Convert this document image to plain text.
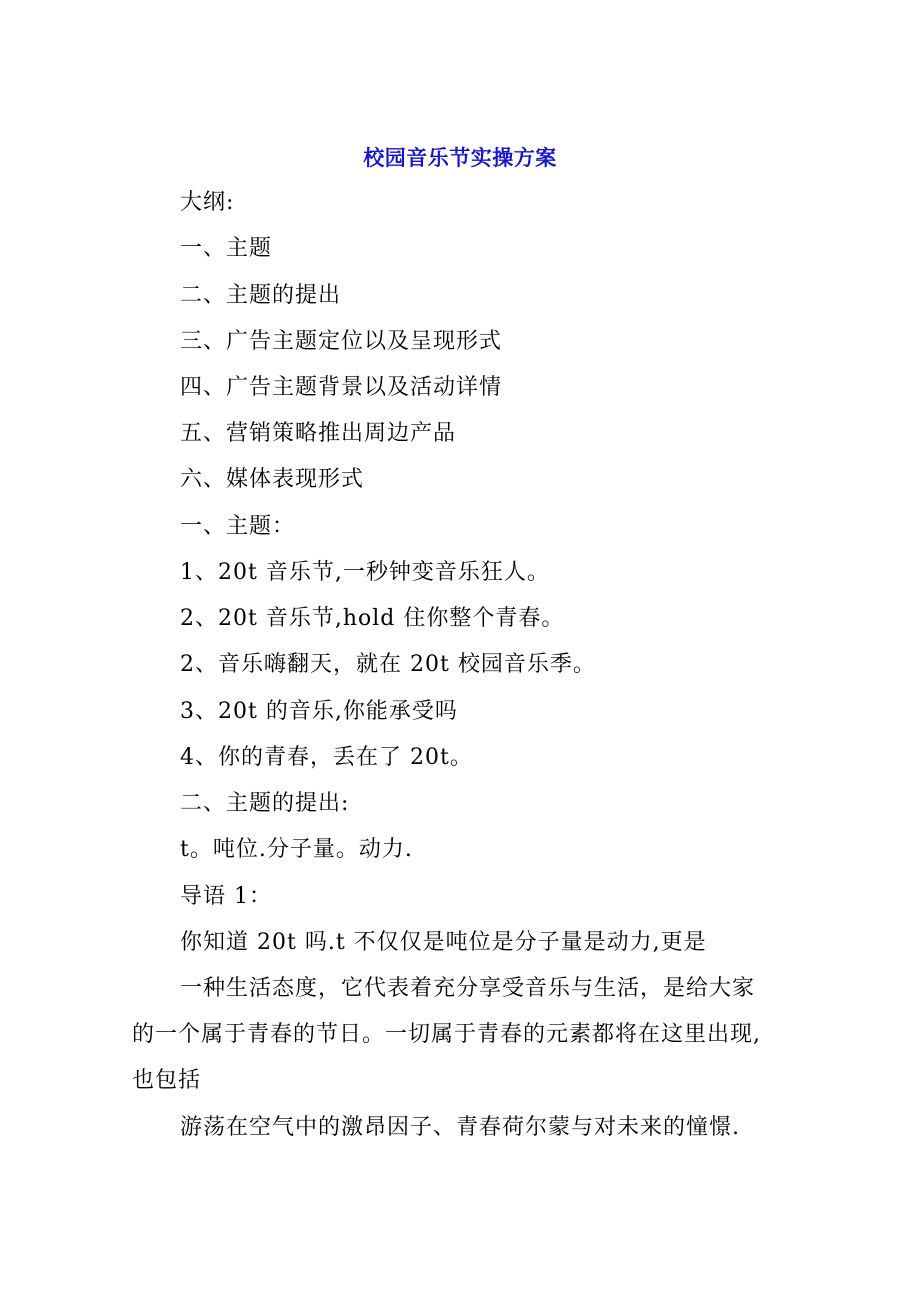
校园音乐节实操方案
大纲:
一、主题
二、主题的提出
三、广告主题定位以及呈现形式
四、广告主题背景以及活动详情
五、营销策略推出周边产品
六、媒体表现形式
一、主题：
1、20t 音乐节,一秒钟变音乐狂人。
2、20t 音乐节,hold 住你整个青春。
2、音乐嗨翻天，就在 20t 校园音乐季。
3、20t 的音乐,你能承受吗
4、你的青春，丢在了 20t。
二、主题的提出:
t。吨位.分子量。动力.
导语 1：
你知道 20t 吗.t 不仅仅是吨位是分子量是动力,更是
一种生活态度，它代表着充分享受音乐与生活，是给大家
的一个属于青春的节日。一切属于青春的元素都将在这里出现,
也包括
游荡在空气中的激昂因子、青春荷尔蒙与对未来的憧憬.
